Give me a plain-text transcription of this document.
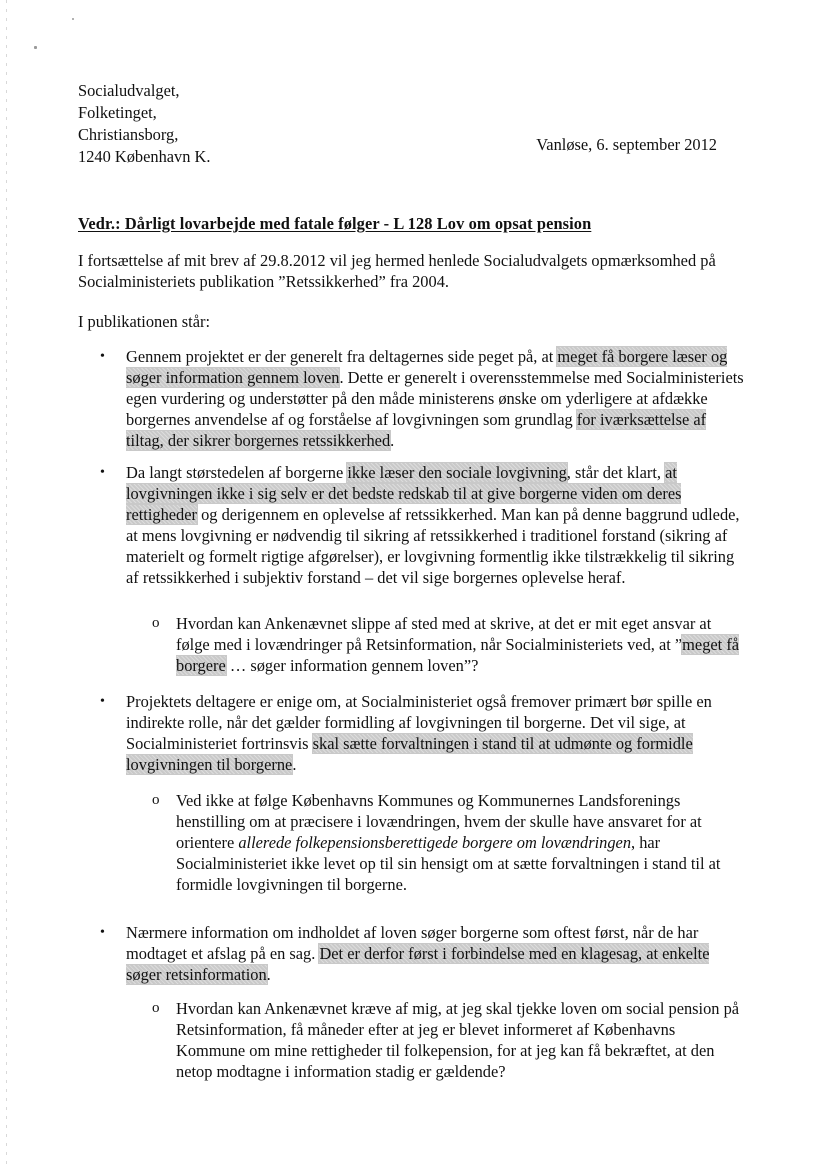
Socialudvalget,
Folketinget,
Christiansborg,
1240 København K.
Vanløse, 6. september 2012
Vedr.: Dårligt lovarbejde med fatale følger - L 128 Lov om opsat pension
I fortsættelse af mit brev af 29.8.2012 vil jeg hermed henlede Socialudvalgets opmærksomhed på Socialministeriets publikation ”Retssikkerhed” fra 2004.
I publikationen står:
• Gennem projektet er der generelt fra deltagernes side peget på, at meget få borgere læser og søger information gennem loven. Dette er generelt i overensstemmelse med Socialministeriets egen vurdering og understøtter på den måde ministerens ønske om yderligere at afdække borgernes anvendelse af og forståelse af lovgivningen som grundlag for iværksættelse af tiltag, der sikrer borgernes retssikkerhed.
• Da langt størstedelen af borgerne ikke læser den sociale lovgivning, står det klart, at lovgivningen ikke i sig selv er det bedste redskab til at give borgerne viden om deres rettigheder og derigennem en oplevelse af retssikkerhed. Man kan på denne baggrund udlede, at mens lovgivning er nødvendig til sikring af retssikkerhed i traditionel forstand (sikring af materielt og formelt rigtige afgørelser), er lovgivning formentlig ikke tilstrækkelig til sikring af retssikkerhed i subjektiv forstand – det vil sige borgernes oplevelse heraf.
o Hvordan kan Ankenævnet slippe af sted med at skrive, at det er mit eget ansvar at følge med i lovændringer på Retsinformation, når Socialministeriets ved, at ”meget få borgere … søger information gennem loven”?
• Projektets deltagere er enige om, at Socialministeriet også fremover primært bør spille en indirekte rolle, når det gælder formidling af lovgivningen til borgerne. Det vil sige, at Socialministeriet fortrinsvis skal sætte forvaltningen i stand til at udmønte og formidle lovgivningen til borgerne.
o Ved ikke at følge Københavns Kommunes og Kommunernes Landsforenings henstilling om at præcisere i lovændringen, hvem der skulle have ansvaret for at orientere allerede folkepensionsberettigede borgere om lovændringen, har Socialministeriet ikke levet op til sin hensigt om at sætte forvaltningen i stand til at formidle lovgivningen til borgerne.
• Nærmere information om indholdet af loven søger borgerne som oftest først, når de har modtaget et afslag på en sag. Det er derfor først i forbindelse med en klagesag, at enkelte søger retsinformation.
o Hvordan kan Ankenævnet kræve af mig, at jeg skal tjekke loven om social pension på Retsinformation, få måneder efter at jeg er blevet informeret af Københavns Kommune om mine rettigheder til folkepension, for at jeg kan få bekræftet, at den netop modtagne i information stadig er gældende?
